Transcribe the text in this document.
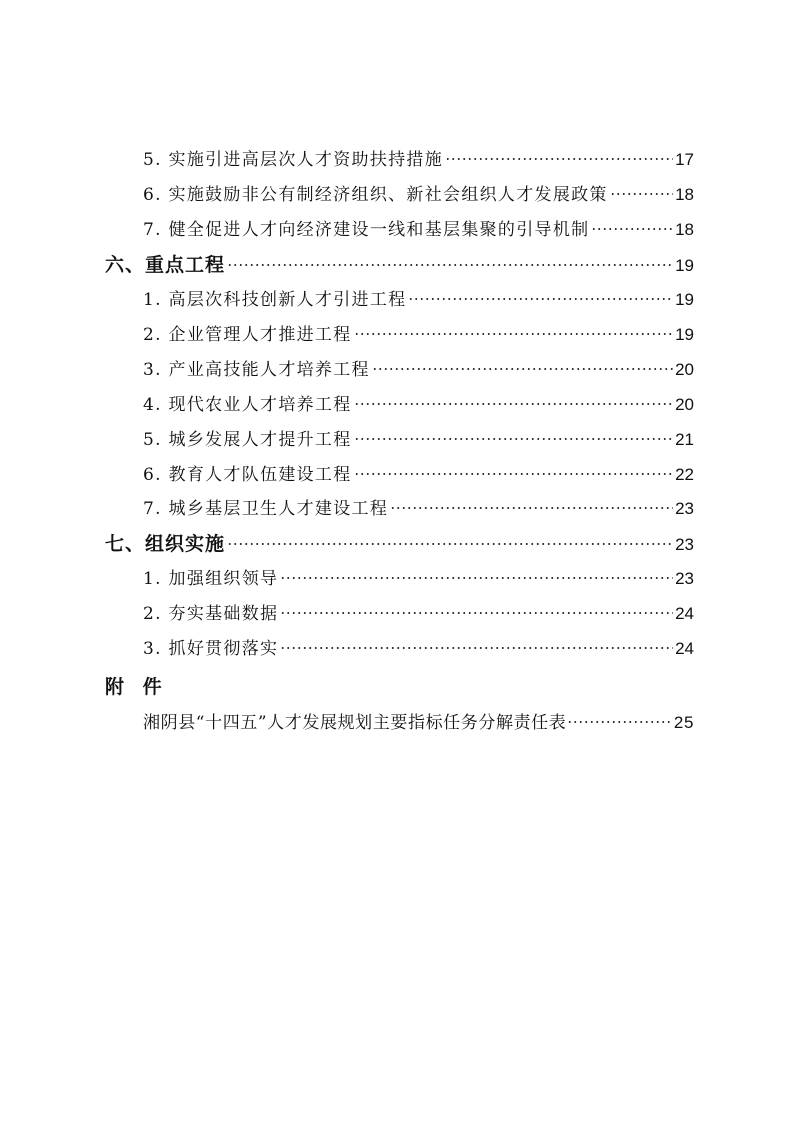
5. 实施引进高层次人才资助扶持措施	17
6. 实施鼓励非公有制经济组织、新社会组织人才发展政策	18
7. 健全促进人才向经济建设一线和基层集聚的引导机制	18
六、重点工程	19
1. 高层次科技创新人才引进工程	19
2. 企业管理人才推进工程	19
3. 产业高技能人才培养工程	20
4. 现代农业人才培养工程	20
5. 城乡发展人才提升工程	21
6. 教育人才队伍建设工程	22
7. 城乡基层卫生人才建设工程	23
七、组织实施	23
1. 加强组织领导	23
2. 夯实基础数据	24
3. 抓好贯彻落实	24
附 件
湘阴县“十四五”人才发展规划主要指标任务分解责任表	25
